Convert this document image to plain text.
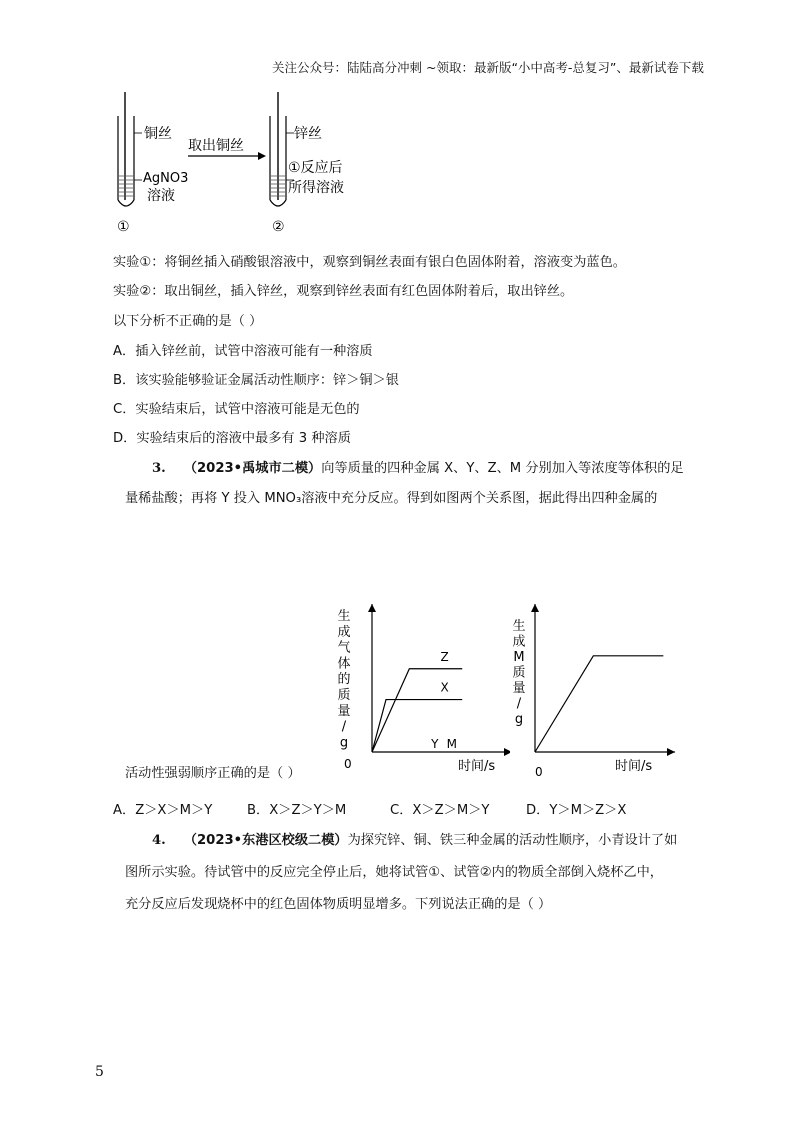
关注公众号：陆陆高分冲刺 ~领取：最新版“小中高考-总复习”、最新试卷下载
铜丝
AgNO3
溶液
①
取出铜丝
锌丝
①反应后
所得溶液
②
实验①：将铜丝插入硝酸银溶液中，观察到铜丝表面有银白色固体附着，溶液变为蓝色。
实验②：取出铜丝，插入锌丝，观察到锌丝表面有红色固体附着后，取出锌丝。
以下分析不正确的是（ ）
A．插入锌丝前，试管中溶液可能有一种溶质
B．该实验能够验证金属活动性顺序：锌＞铜＞银
C．实验结束后，试管中溶液可能是无色的
D．实验结束后的溶液中最多有 3 种溶质
3. （2023•禹城市二模）向等质量的四种金属 X、Y、Z、M 分别加入等浓度等体积的足
量稀盐酸；再将 Y 投入 MNO₃溶液中充分反应。得到如图两个关系图，据此得出四种金属的
生
成
气
体
的
质
量
/
g
时间/s
0
Z
X
Y M
生
成
M
质
量
/
g
时间/s
0
活动性强弱顺序正确的是（ ）
A．Z＞X＞M＞Y	B．X＞Z＞Y＞M	C．X＞Z＞M＞Y	D．Y＞M＞Z＞X
4. （2023•东港区校级二模）为探究锌、铜、铁三种金属的活动性顺序，小青设计了如
图所示实验。待试管中的反应完全停止后，她将试管①、试管②内的物质全部倒入烧杯乙中，
充分反应后发现烧杯中的红色固体物质明显增多。下列说法正确的是（ ）
5
